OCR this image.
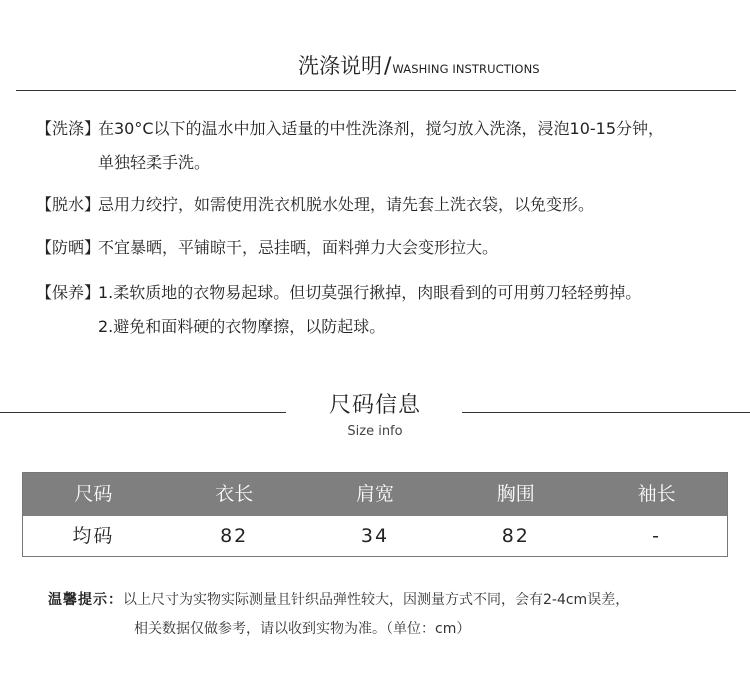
洗涤说明 / WASHING INSTRUCTIONS
【洗涤】
在30°C以下的温水中加入适量的中性洗涤剂，搅匀放入洗涤，浸泡10-15分钟，
单独轻柔手洗。
【脱水】
忌用力绞拧，如需使用洗衣机脱水处理，请先套上洗衣袋，以免变形。
【防晒】
不宜暴晒，平铺晾干，忌挂晒，面料弹力大会变形拉大。
【保养】
1.柔软质地的衣物易起球。但切莫强行揪掉，肉眼看到的可用剪刀轻轻剪掉。
2.避免和面料硬的衣物摩擦，以防起球。
尺码信息
Size info
尺码	衣长	肩宽	胸围	袖长
均码	82	34	82	-
温馨提示：以上尺寸为实物实际测量且针织品弹性较大，因测量方式不同，会有2-4cm误差，
相关数据仅做参考，请以收到实物为准。（单位：cm）
